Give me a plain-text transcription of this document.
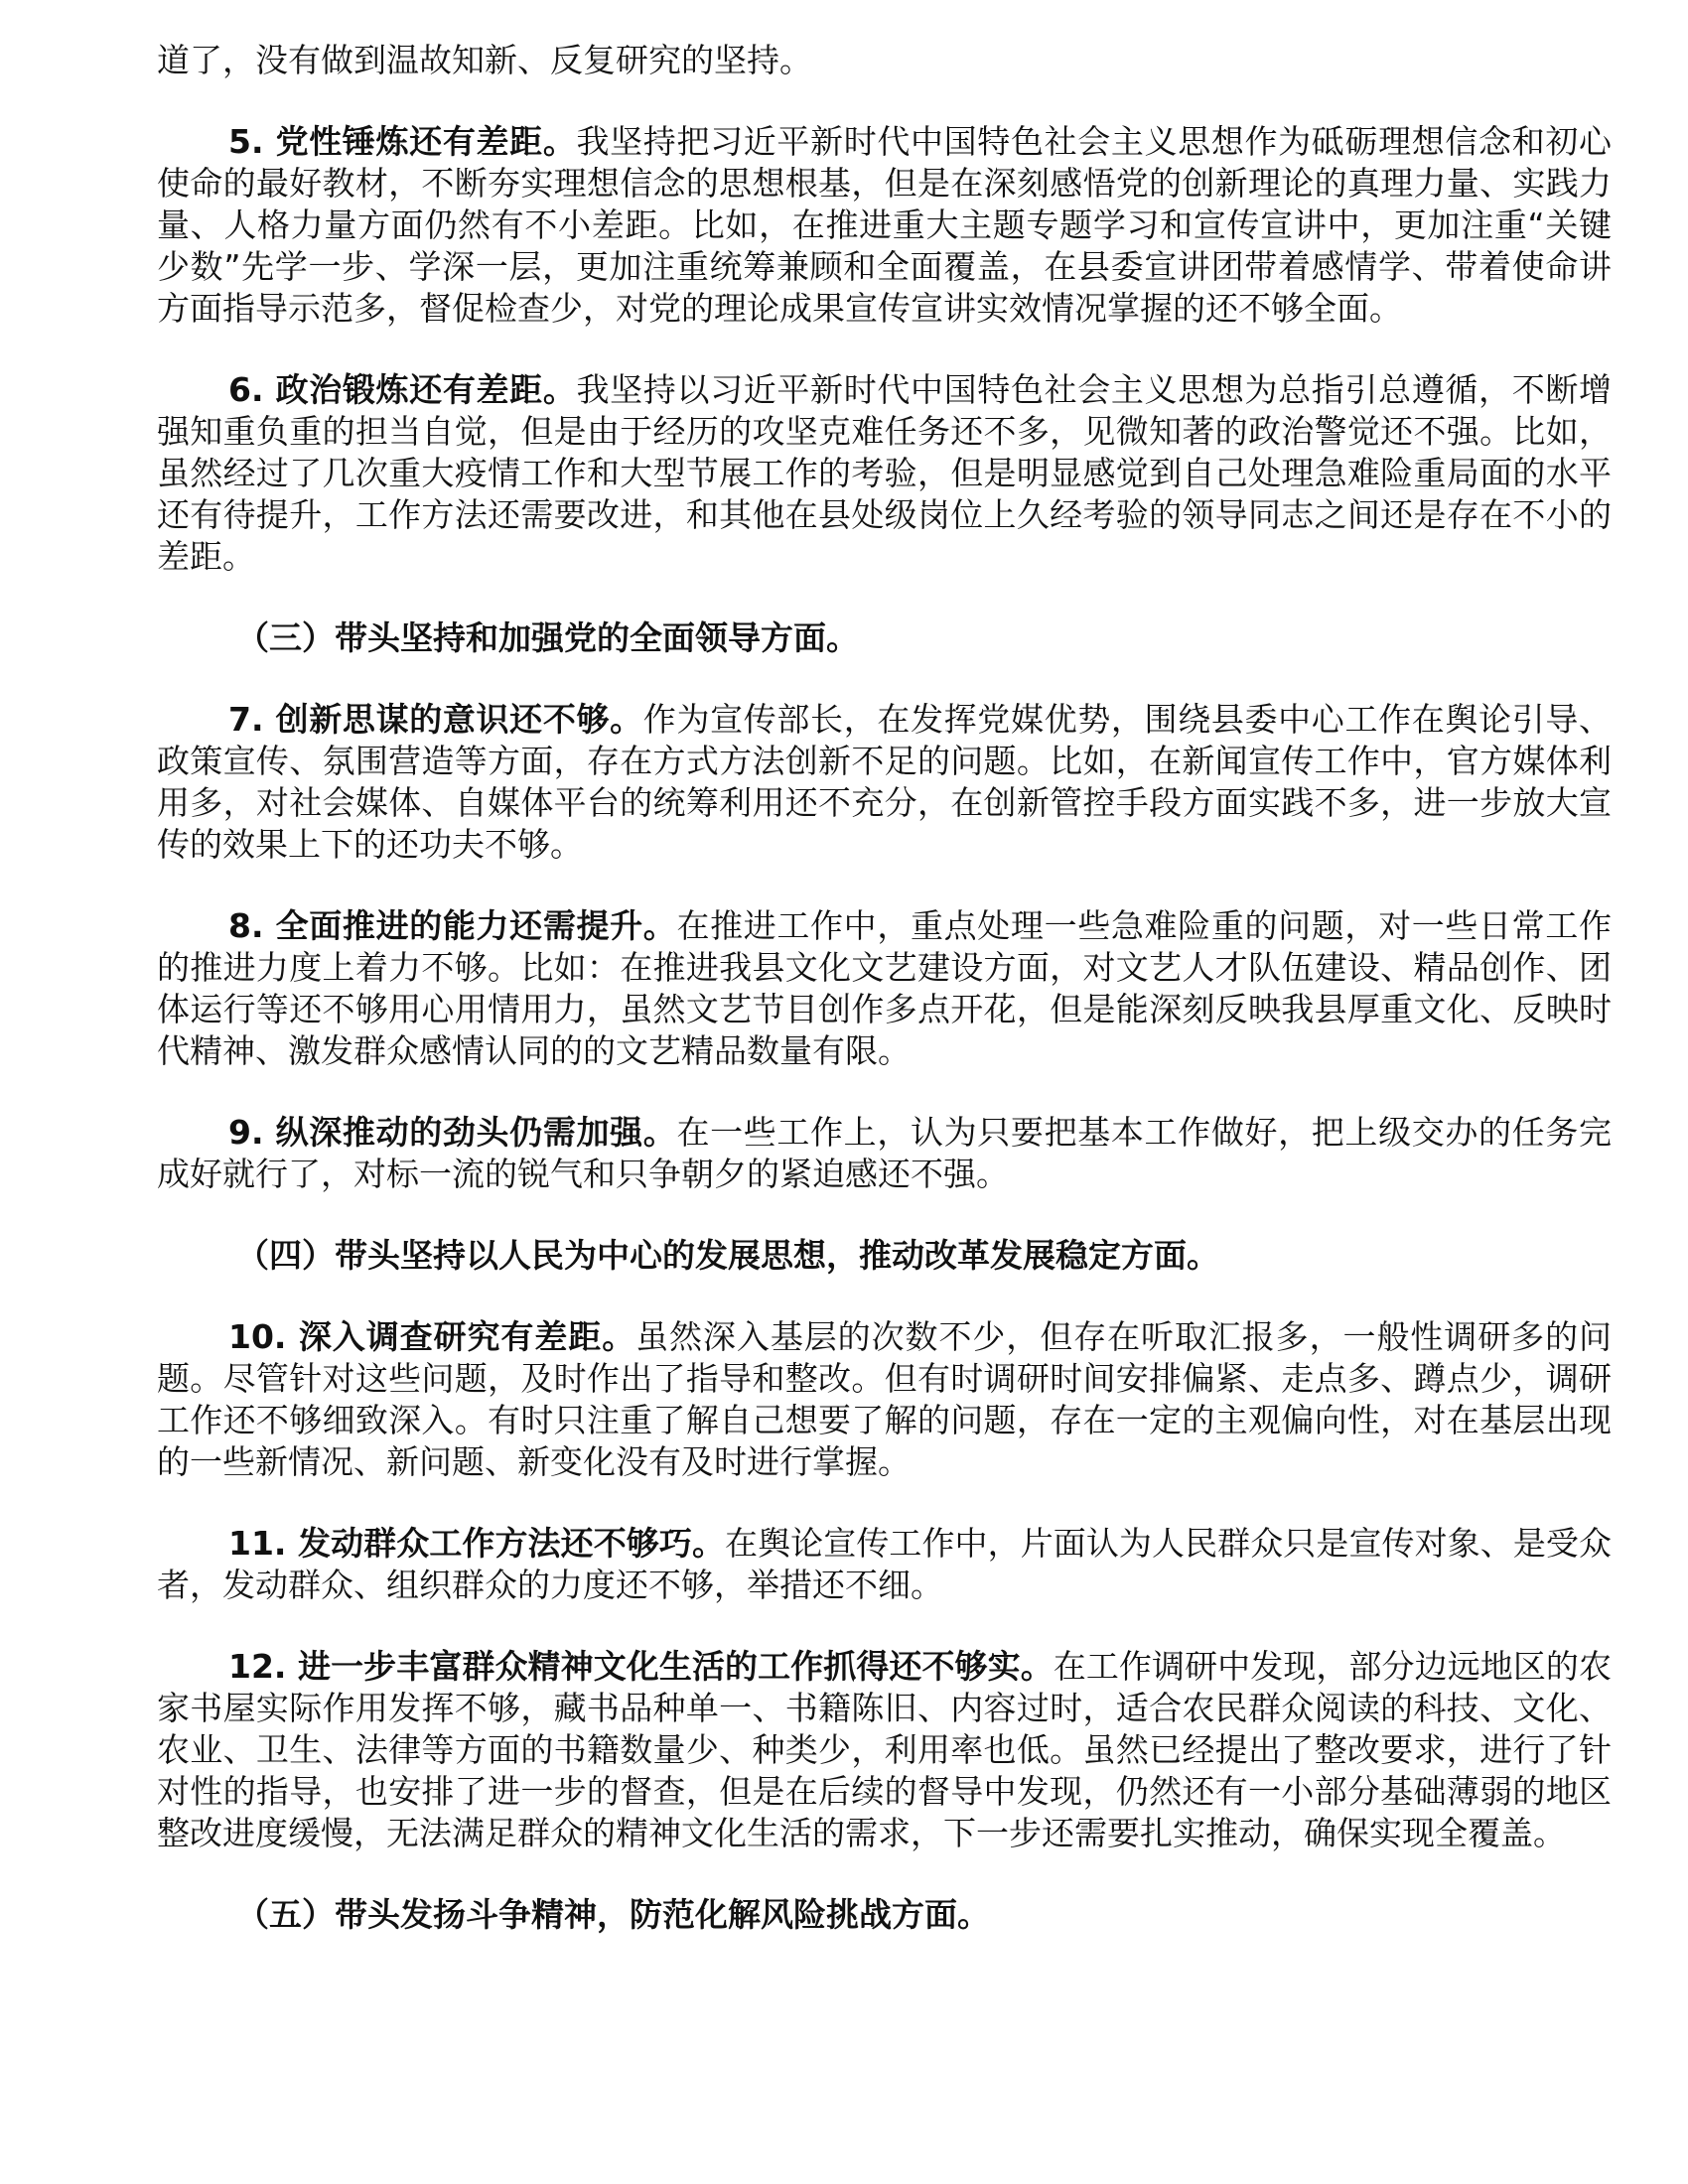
道了，没有做到温故知新、反复研究的坚持。

5. 党性锤炼还有差距。我坚持把习近平新时代中国特色社会主义思想作为砥砺理想信念和初心使命的最好教材，不断夯实理想信念的思想根基，但是在深刻感悟党的创新理论的真理力量、实践力量、人格力量方面仍然有不小差距。比如，在推进重大主题专题学习和宣传宣讲中，更加注重“关键少数”先学一步、学深一层，更加注重统筹兼顾和全面覆盖，在县委宣讲团带着感情学、带着使命讲方面指导示范多，督促检查少，对党的理论成果宣传宣讲实效情况掌握的还不够全面。

6. 政治锻炼还有差距。我坚持以习近平新时代中国特色社会主义思想为总指引总遵循，不断增强知重负重的担当自觉，但是由于经历的攻坚克难任务还不多，见微知著的政治警觉还不强。比如，虽然经过了几次重大疫情工作和大型节展工作的考验，但是明显感觉到自己处理急难险重局面的水平还有待提升，工作方法还需要改进，和其他在县处级岗位上久经考验的领导同志之间还是存在不小的差距。

（三）带头坚持和加强党的全面领导方面。

7. 创新思谋的意识还不够。作为宣传部长，在发挥党媒优势，围绕县委中心工作在舆论引导、政策宣传、氛围营造等方面，存在方式方法创新不足的问题。比如，在新闻宣传工作中，官方媒体利用多，对社会媒体、自媒体平台的统筹利用还不充分，在创新管控手段方面实践不多，进一步放大宣传的效果上下的还功夫不够。

8. 全面推进的能力还需提升。在推进工作中，重点处理一些急难险重的问题，对一些日常工作的推进力度上着力不够。比如：在推进我县文化文艺建设方面，对文艺人才队伍建设、精品创作、团体运行等还不够用心用情用力，虽然文艺节目创作多点开花，但是能深刻反映我县厚重文化、反映时代精神、激发群众感情认同的的文艺精品数量有限。

9. 纵深推动的劲头仍需加强。在一些工作上，认为只要把基本工作做好，把上级交办的任务完成好就行了，对标一流的锐气和只争朝夕的紧迫感还不强。

（四）带头坚持以人民为中心的发展思想，推动改革发展稳定方面。

10. 深入调查研究有差距。虽然深入基层的次数不少，但存在听取汇报多，一般性调研多的问题。尽管针对这些问题，及时作出了指导和整改。但有时调研时间安排偏紧、走点多、蹲点少，调研工作还不够细致深入。有时只注重了解自己想要了解的问题，存在一定的主观偏向性，对在基层出现的一些新情况、新问题、新变化没有及时进行掌握。

11. 发动群众工作方法还不够巧。在舆论宣传工作中，片面认为人民群众只是宣传对象、是受众者，发动群众、组织群众的力度还不够，举措还不细。

12. 进一步丰富群众精神文化生活的工作抓得还不够实。在工作调研中发现，部分边远地区的农家书屋实际作用发挥不够，藏书品种单一、书籍陈旧、内容过时，适合农民群众阅读的科技、文化、农业、卫生、法律等方面的书籍数量少、种类少，利用率也低。虽然已经提出了整改要求，进行了针对性的指导，也安排了进一步的督查，但是在后续的督导中发现，仍然还有一小部分基础薄弱的地区整改进度缓慢，无法满足群众的精神文化生活的需求，下一步还需要扎实推动，确保实现全覆盖。

（五）带头发扬斗争精神，防范化解风险挑战方面。
